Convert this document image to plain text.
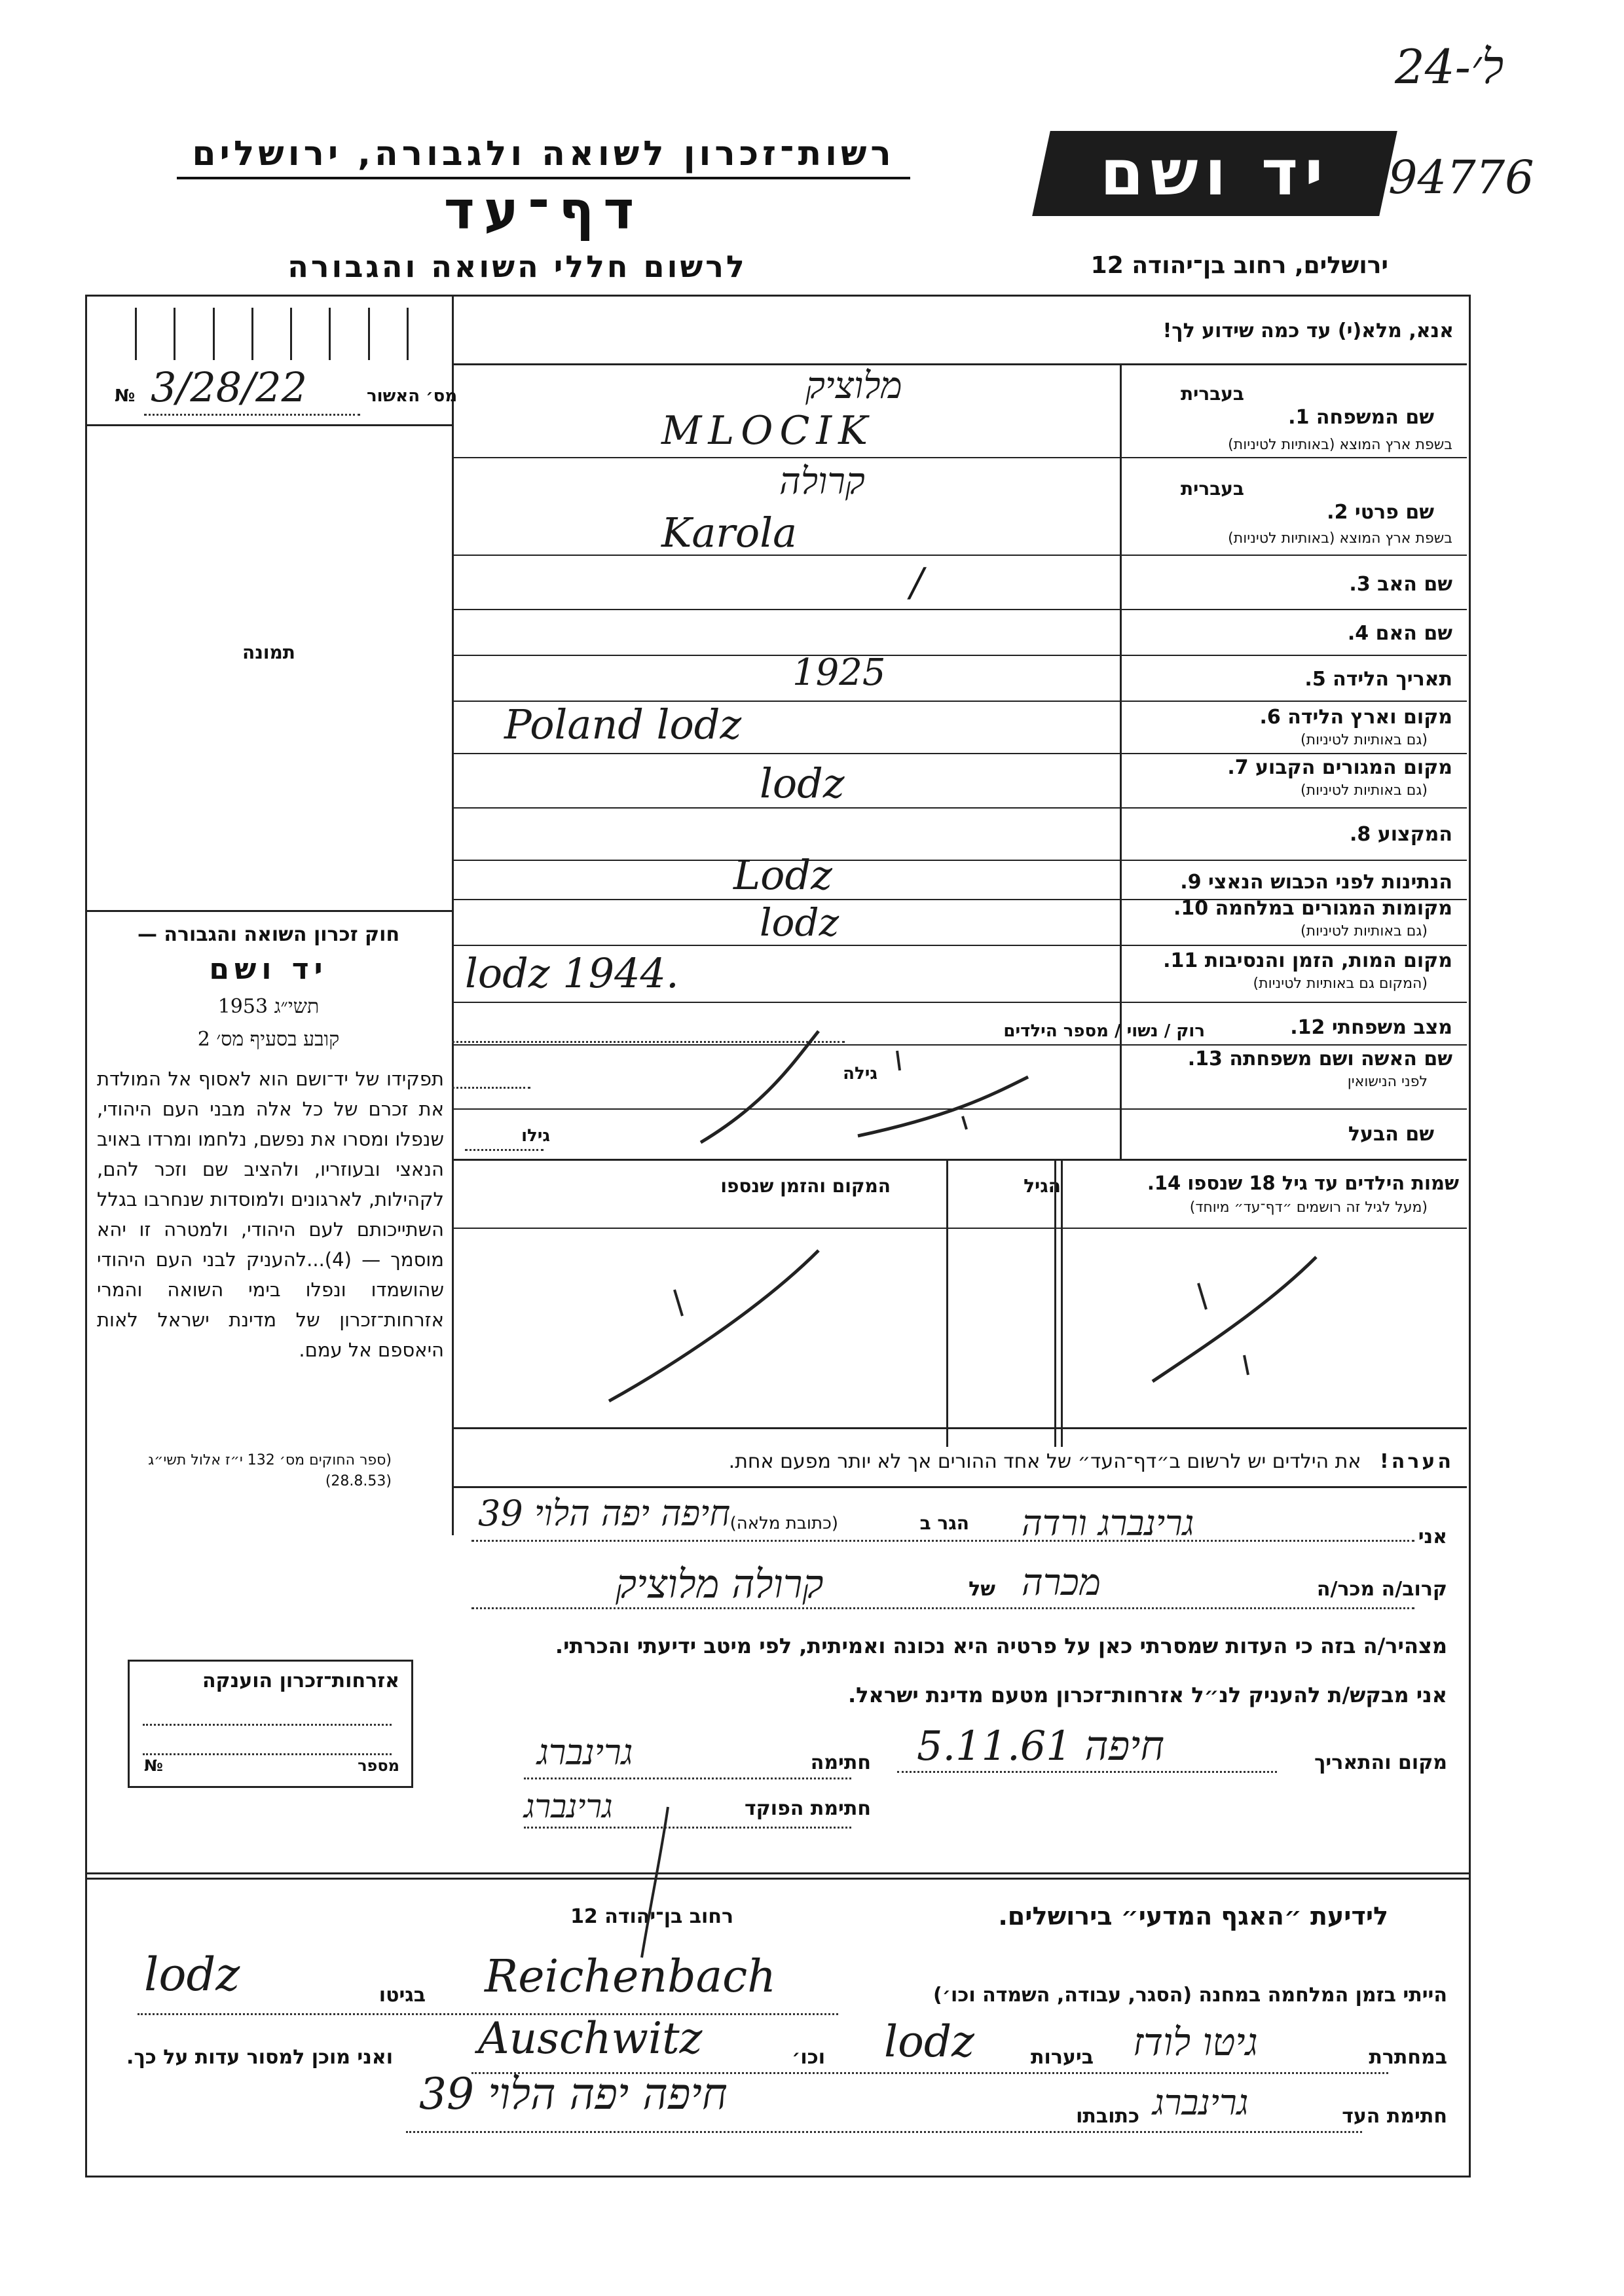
24-ל׳
94776
רשות־זכרון לשואה ולגבורה, ירושלים
דף־עד
לרשום חללי השואה והגבורה
יד ושם
ירושלים, רחוב בן־יהודה 12
מס׳ האשור
№ 3/28/22
תמונה
חוק זכרון השואה והגבורה —
יד ושם
תשי״ג 1953
קובע בסעיף מס׳ 2
תפקידו של יד־ושם הוא לאסוף אל המולדת את זכרם של כל אלה מבני העם היהודי, שנפלו ומסרו את נפשם, נלחמו ומרדו באויב הנאצי ובעוזריו, ולהציב שם וזכר להם, לקהילות, לארגונים ולמוסדות שנחרבו בגלל השתייכותם לעם היהודי, ולמטרה זו יהא מוסמך — (4)...להעניק לבני העם היהודי שהושמדו ונפלו בימי השואה והמרי אזרחות־זכרון של מדינת ישראל לאות היאספם אל עמם.
(ספר החוקים מס׳ 132 י״ז אלול תשי״ג (28.8.53)
אזרחות־זכרון הוענקה
מספר
№
אנא, מלא(י) עד כמה שידוע לך!
שם המשפחה 1.
בשפת ארץ המוצא (באותיות לטיניות)
בעברית
מלוציק
MLOCIK
שם פרטי 2.
בשפת ארץ המוצא (באותיות לטיניות)
בעברית
קרולה
Karola
שם האב 3.
/
שם האם 4.
תאריך הלידה 5.
1925
מקום וארץ הלידה 6.
(גם באותיות לטיניות)
Poland lodz
מקום המגורים הקבוע 7.
(גם באותיות לטיניות)
lodz
המקצוע 8.
הנתינות לפני הכבוש הנאצי 9.
Lodz
מקומות המגורים במלחמה 10.
(גם באותיות לטיניות)
lodz
מקום המות, הזמן והנסיבות 11.
(המקום גם באותיות לטיניות)
lodz 1944.
מצב משפחתי 12.
רוק / נשוי / מספר הילדים
שם האשה ושם משפחתה 13.
לפני הנישואין
גילה
שם הבעל
גילו
שמות הילדים עד גיל 18 שנספו 14.
(מעל לגיל זה רושמים ״דף־עד״ מיוחד)
הגיל
המקום והזמן שנספו
הערה!   את הילדים יש לרשום ב״דף־העד״ של אחד ההורים אך לא יותר מפעם אחת.
אני
גרינברג ורדה
הגר ב
(כתובת מלאה)
חיפה יפה הלוי 39
קרוב/ה מכר/ה
מכרה
של
קרולה מלוציק
מצהיר/ה בזה כי העדות שמסרתי כאן על פרטיה היא נכונה ואמיתית, לפי מיטב ידיעתי והכרתי.
אני מבקש/ת להעניק לנ״ל אזרחות־זכרון מטעם מדינת ישראל.
מקום והתאריך
חיפה 5.11.61
חתימה
גרינברג
חתימת הפוקד
גרינברג
לידיעת ״האגף המדעי״ בירושלים.
רחוב בן־יהודה 12
הייתי בזמן המלחמה במחנה (הסגר, עבודה, השמדה וכו׳)
Reichenbach
בגיטו
lodz
במחתרת
גיטו לודז
ביערות
lodz
וכו׳
Auschwitz
ואני מוכן למסור עדות על כך.
חתימת העד
גרינברג
כתובתו
חיפה יפה הלוי 39
